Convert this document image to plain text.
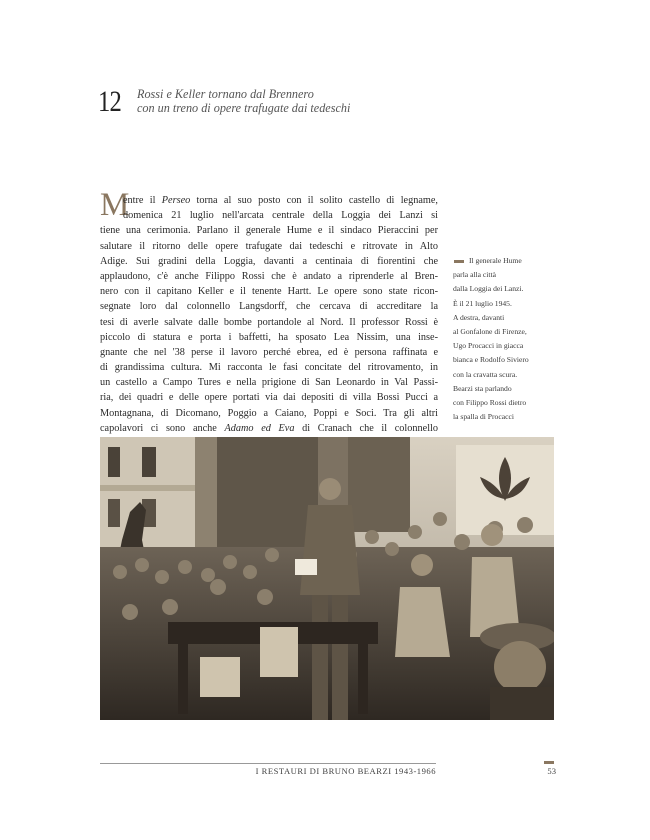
12 Rossi e Keller tornano dal Brennero
con un treno di opere trafugate dai tedeschi
M
entre il Perseo torna al suo posto con il solito castello di legname,
domenica 21 luglio nell'arcata centrale della Loggia dei Lanzi si
tiene una cerimonia. Parlano il generale Hume e il sindaco Pieraccini per
salutare il ritorno delle opere trafugate dai tedeschi e ritrovate in Alto
Adige. Sui gradini della Loggia, davanti a centinaia di fiorentini che
applaudono, c'è anche Filippo Rossi che è andato a riprenderle al Bren-
nero con il capitano Keller e il tenente Hartt. Le opere sono state ricon-
segnate loro dal colonnello Langsdorff, che cercava di accreditare la
tesi di averle salvate dalle bombe portandole al Nord. Il professor Rossi è
piccolo di statura e porta i baffetti, ha sposato Lea Nissim, una inse-
gnante che nel '38 perse il lavoro perché ebrea, ed è persona raffinata e
di grandissima cultura. Mi racconta le fasi concitate del ritrovamento, in
un castello a Campo Tures e nella prigione di San Leonardo in Val Passi-
ria, dei quadri e delle opere portati via dai depositi di villa Bossi Pucci a
Montagnana, di Dicomano, Poggio a Caiano, Poppi e Soci. Tra gli altri
capolavori ci sono anche Adamo ed Eva di Cranach che il colonnello
Il generale Hume
parla alla città
dalla Loggia dei Lanzi.
È il 21 luglio 1945.
A destra, davanti
al Gonfalone di Firenze,
Ugo Procacci in giacca
bianca e Rodolfo Siviero
con la cravatta scura.
Bearzi sta parlando
con Filippo Rossi dietro
la spalla di Procacci
I RESTAURI DI BRUNO BEARZI 1943-1966	53
